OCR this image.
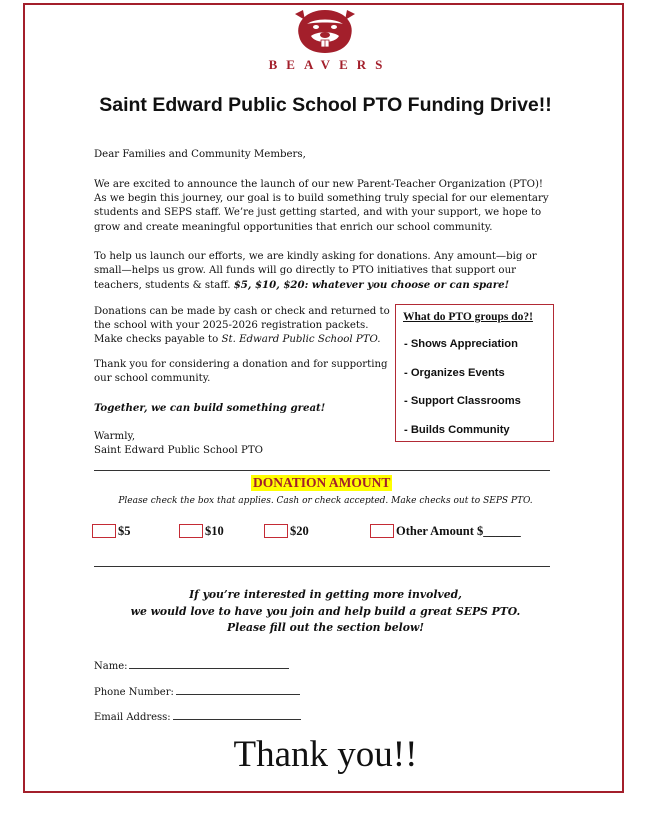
BEAVERS
Saint Edward Public School PTO Funding Drive!!

Dear Families and Community Members,

We are excited to announce the launch of our new Parent-Teacher Organization (PTO)! As we begin this journey, our goal is to build something truly special for our elementary students and SEPS staff. We’re just getting started, and with your support, we hope to grow and create meaningful opportunities that enrich our school community.

To help us launch our efforts, we are kindly asking for donations. Any amount—big or small—helps us grow. All funds will go directly to PTO initiatives that support our teachers, students & staff. $5, $10, $20: whatever you choose or can spare!

Donations can be made by cash or check and returned to the school with your 2025-2026 registration packets. Make checks payable to St. Edward Public School PTO.

Thank you for considering a donation and for supporting our school community.

Together, we can build something great!

Warmly,

Saint Edward Public School PTO

What do PTO groups do?!
- Shows Appreciation
- Organizes Events
- Support Classrooms
- Builds Community
DONATION AMOUNT
Please check the box that applies. Cash or check accepted. Make checks out to SEPS PTO.
$5	$10	$20	Other Amount $______
If you’re interested in getting more involved,
we would love to have you join and help build a great SEPS PTO.
Please fill out the section below!
Name:
Phone Number:
Email Address:
Thank you!!
